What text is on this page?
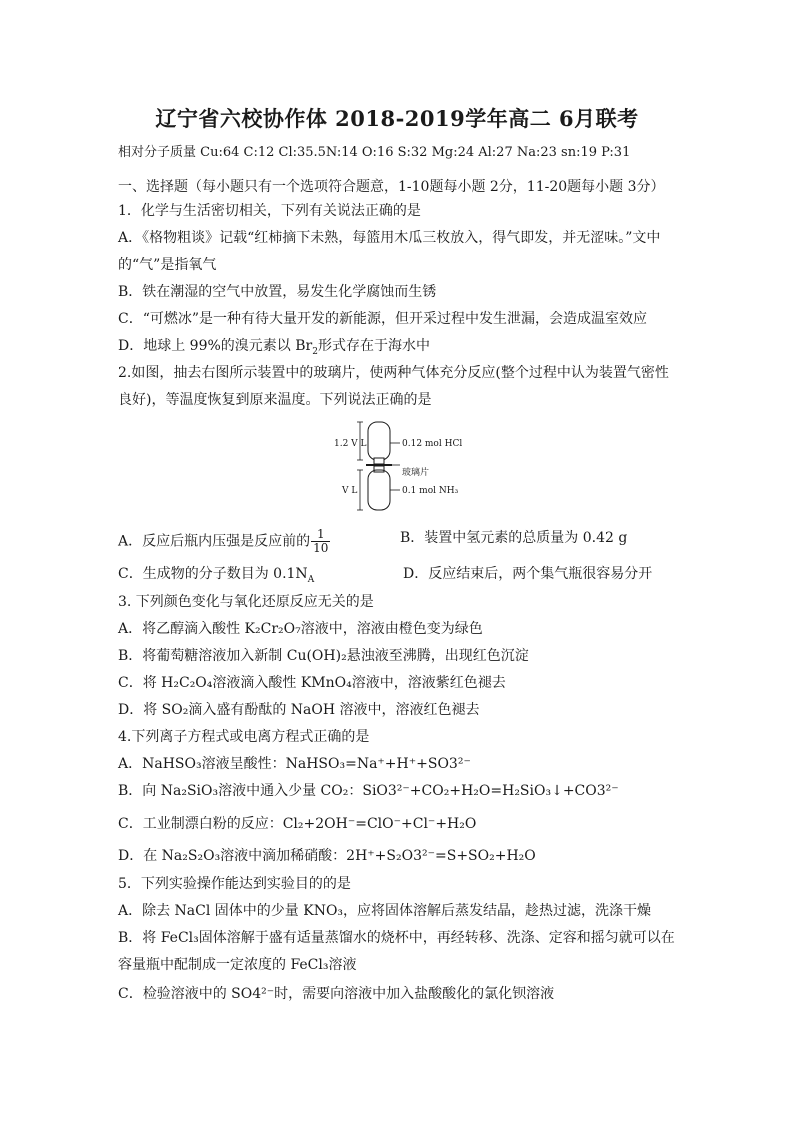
辽宁省六校协作体 2018-2019学年高二 6月联考
相对分子质量 Cu:64 C:12 Cl:35.5N:14 O:16 S:32 Mg:24 Al:27 Na:23 sn:19 P:31
一、选择题（每小题只有一个选项符合题意，1-10题每小题 2分，11-20题每小题 3分）
1．化学与生活密切相关，下列有关说法正确的是
A．《格物粗谈》记载“红柿摘下未熟，每篮用木瓜三枚放入，得气即发，并无涩味。”文中
的“气”是指氧气
B．铁在潮湿的空气中放置，易发生化学腐蚀而生锈
C．“可燃冰”是一种有待大量开发的新能源，但开采过程中发生泄漏，会造成温室效应
D．地球上 99%的溴元素以 $Br_2$形式存在于海水中
2.如图，抽去右图所示装置中的玻璃片，使两种气体充分反应(整个过程中认为装置气密性
良好)，等温度恢复到原来温度。下列说法正确的是
1.2 V L	0.12 mol HCl
玻璃片
V L	0.1 mol NH₃
A．反应后瓶内压强是反应前的 $\frac{1}{10}$	B．装置中氢元素的总质量为 0.42 g
C．生成物的分子数目为 $0.1N_A$	D．反应结束后，两个集气瓶很容易分开
3. 下列颜色变化与氧化还原反应无关的是
A．将乙醇滴入酸性 K₂Cr₂O₇溶液中，溶液由橙色变为绿色
B．将葡萄糖溶液加入新制 Cu(OH)₂悬浊液至沸腾，出现红色沉淀
C．将 H₂C₂O₄溶液滴入酸性 KMnO₄溶液中，溶液紫红色褪去
D．将 SO₂滴入盛有酚酞的 NaOH 溶液中，溶液红色褪去
4.下列离子方程式或电离方程式正确的是
A．NaHSO₃溶液呈酸性：NaHSO₃=Na⁺+H⁺+SO3²⁻
B．向 Na₂SiO₃溶液中通入少量 CO₂：SiO3²⁻+CO₂+H₂O=H₂SiO₃↓+CO3²⁻
C．工业制漂白粉的反应：Cl₂+2OH⁻=ClO⁻+Cl⁻+H₂O
D．在 Na₂S₂O₃溶液中滴加稀硝酸：2H⁺+S₂O3²⁻=S+SO₂+H₂O
5．下列实验操作能达到实验目的的是
A．除去 NaCl 固体中的少量 KNO₃，应将固体溶解后蒸发结晶，趁热过滤，洗涤干燥
B．将 FeCl₃固体溶解于盛有适量蒸馏水的烧杯中，再经转移、洗涤、定容和摇匀就可以在
容量瓶中配制成一定浓度的 FeCl₃溶液
C．检验溶液中的 SO4²⁻时，需要向溶液中加入盐酸酸化的氯化钡溶液
